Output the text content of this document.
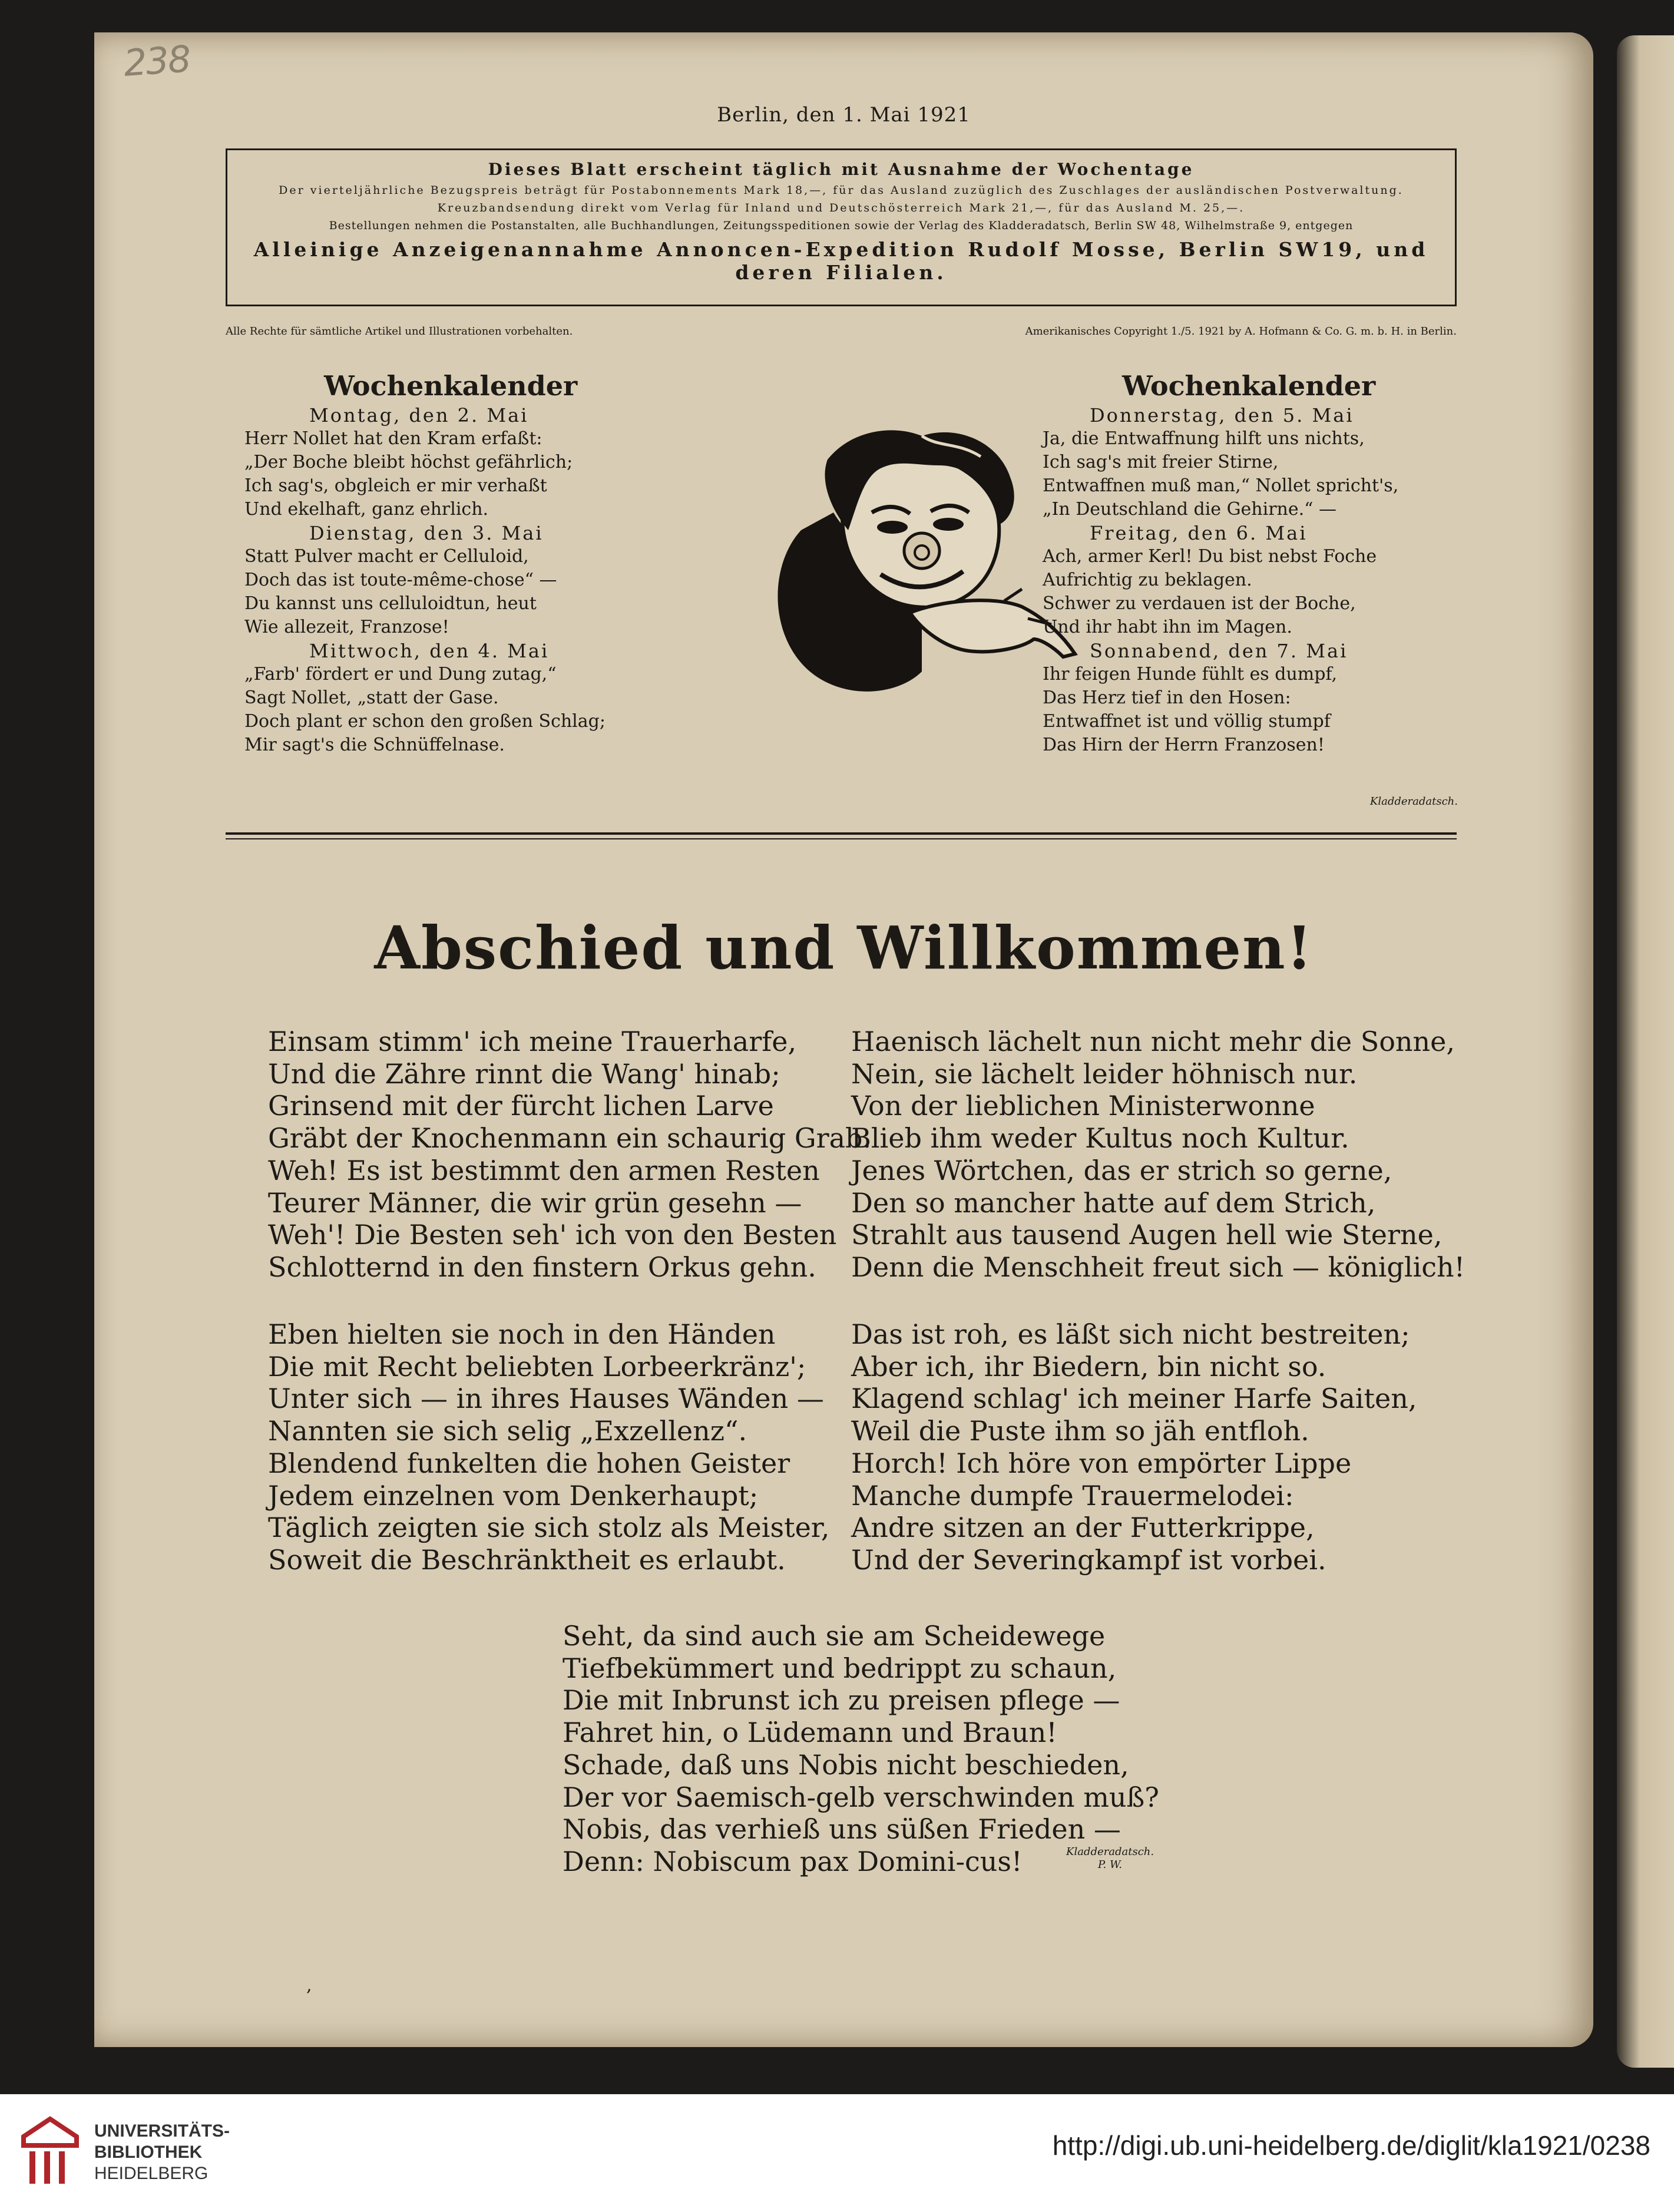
238
Berlin, den 1. Mai 1921
Dieses Blatt erscheint täglich mit Ausnahme der Wochentage
Der vierteljährliche Bezugspreis beträgt für Postabonnements Mark 18,—, für das Ausland zuzüglich des Zuschlages der ausländischen Postverwaltung.
Kreuzbandsendung direkt vom Verlag für Inland und Deutschösterreich Mark 21,—, für das Ausland M. 25,—.
Bestellungen nehmen die Postanstalten, alle Buchhandlungen, Zeitungsspeditionen sowie der Verlag des Kladderadatsch, Berlin SW 48, Wilhelmstraße 9, entgegen
Alleinige Anzeigenannahme Annoncen-Expedition Rudolf Mosse, Berlin SW19, und deren Filialen.
Alle Rechte für sämtliche Artikel und Illustrationen vorbehalten.	Amerikanisches Copyright 1./5. 1921 by A. Hofmann & Co. G. m. b. H. in Berlin.
Wochenkalender
Montag, den 2. Mai
Herr Nollet hat den Kram erfaßt:
„Der Boche bleibt höchst gefährlich;
Ich sag's, obgleich er mir verhaßt
Und ekelhaft, ganz ehrlich.
Dienstag, den 3. Mai
Statt Pulver macht er Celluloid,
Doch das ist toute-même-chose“ —
Du kannst uns celluloidtun, heut
Wie allezeit, Franzose!
Mittwoch, den 4. Mai
„Farb' fördert er und Dung zutag,“
Sagt Nollet, „statt der Gase.
Doch plant er schon den großen Schlag;
Mir sagt's die Schnüffelnase.
Wochenkalender
Donnerstag, den 5. Mai
Ja, die Entwaffnung hilft uns nichts,
Ich sag's mit freier Stirne,
Entwaffnen muß man,“ Nollet spricht's,
„In Deutschland die Gehirne.“ —
Freitag, den 6. Mai
Ach, armer Kerl! Du bist nebst Foche
Aufrichtig zu beklagen.
Schwer zu verdauen ist der Boche,
Und ihr habt ihn im Magen.
Sonnabend, den 7. Mai
Ihr feigen Hunde fühlt es dumpf,
Das Herz tief in den Hosen:
Entwaffnet ist und völlig stumpf
Das Hirn der Herrn Franzosen!
Kladderadatsch.
Abschied und Willkommen!
Einsam stimm' ich meine Trauerharfe,
Und die Zähre rinnt die Wang' hinab;
Grinsend mit der fürcht lichen Larve
Gräbt der Knochenmann ein schaurig Grab.
Weh! Es ist bestimmt den armen Resten
Teurer Männer, die wir grün gesehn —
Weh'! Die Besten seh' ich von den Besten
Schlotternd in den finstern Orkus gehn.
Haenisch lächelt nun nicht mehr die Sonne,
Nein, sie lächelt leider höhnisch nur.
Von der lieblichen Ministerwonne
Blieb ihm weder Kultus noch Kultur.
Jenes Wörtchen, das er strich so gerne,
Den so mancher hatte auf dem Strich,
Strahlt aus tausend Augen hell wie Sterne,
Denn die Menschheit freut sich — königlich!
Eben hielten sie noch in den Händen
Die mit Recht beliebten Lorbeerkränz';
Unter sich — in ihres Hauses Wänden —
Nannten sie sich selig „Exzellenz“.
Blendend funkelten die hohen Geister
Jedem einzelnen vom Denkerhaupt;
Täglich zeigten sie sich stolz als Meister,
Soweit die Beschränktheit es erlaubt.
Das ist roh, es läßt sich nicht bestreiten;
Aber ich, ihr Biedern, bin nicht so.
Klagend schlag' ich meiner Harfe Saiten,
Weil die Puste ihm so jäh entfloh.
Horch! Ich höre von empörter Lippe
Manche dumpfe Trauermelodei:
Andre sitzen an der Futterkrippe,
Und der Severingkampf ist vorbei.
Seht, da sind auch sie am Scheidewege
Tiefbekümmert und bedrippt zu schaun,
Die mit Inbrunst ich zu preisen pflege —
Fahret hin, o Lüdemann und Braun!
Schade, daß uns Nobis nicht beschieden,
Der vor Saemisch-gelb verschwinden muß?
Nobis, das verhieß uns süßen Frieden —
Denn: Nobiscum pax Domini-cus!	Kladderadatsch.
P. W.
,
UNIVERSITÄTS-
BIBLIOTHEK
HEIDELBERG
http://digi.ub.uni-heidelberg.de/diglit/kla1921/0238
